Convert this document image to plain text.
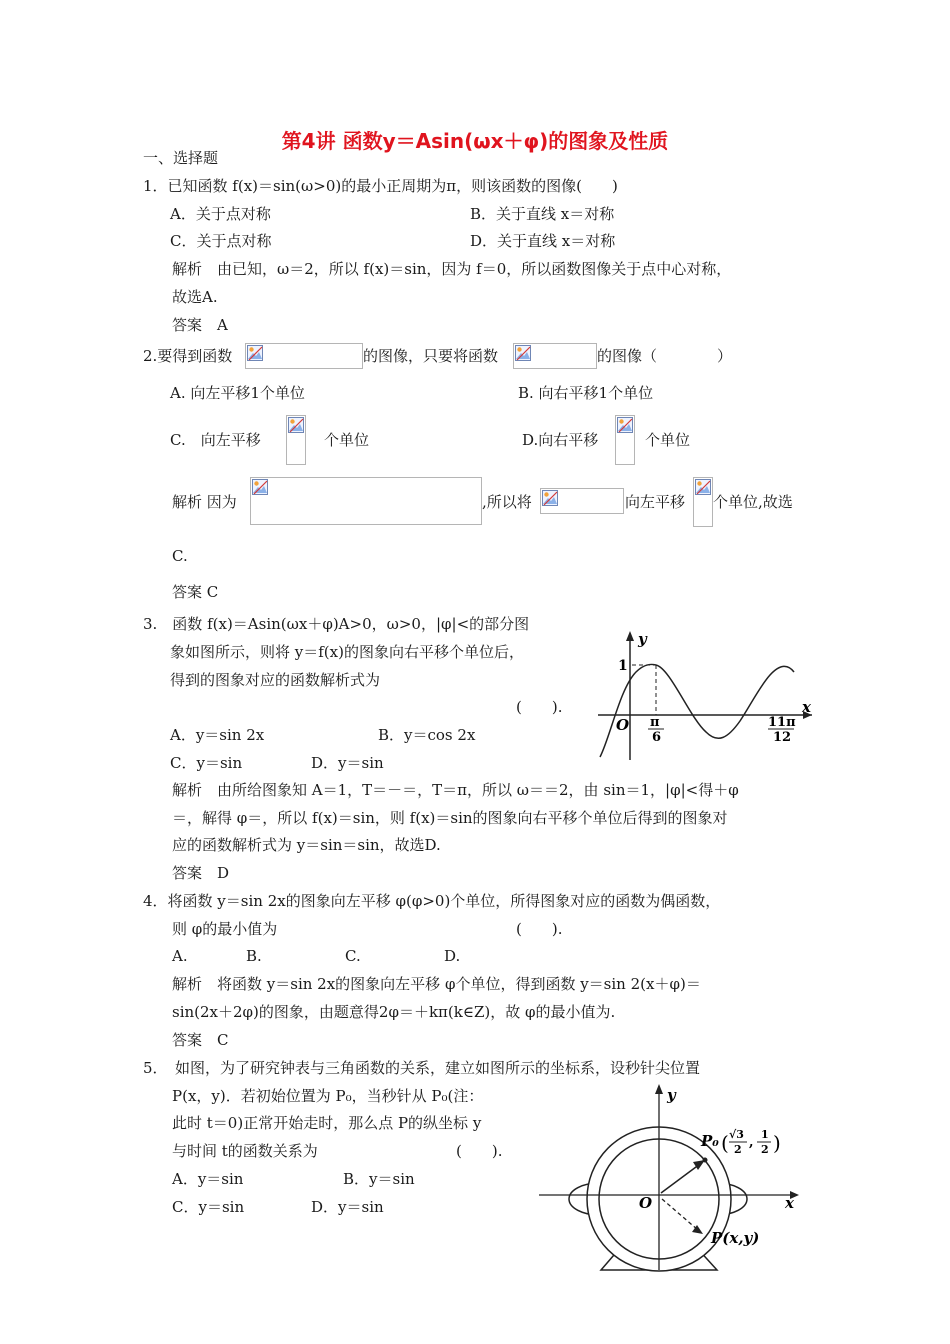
第4讲 函数y＝Asin(ωx＋φ)的图象及性质
一、选择题
1．已知函数 f(x)＝sin(ω>0)的最小正周期为π，则该函数的图像(　　)
A．关于点对称	B．关于直线 x＝对称
C．关于点对称	D．关于直线 x＝对称
解析　由已知，ω＝2，所以 f(x)＝sin，因为 f＝0，所以函数图像关于点中心对称，
故选A.
答案　A
2.要得到函数	的图像，只要将函数	的图像（　　　　）
A. 向左平移1个单位	B. 向右平移1个单位
C.　向左平移	个单位	D.向右平移	个单位
解析 因为	,所以将	向左平移 个单位,故选
C.
答案 C
3.　函数 f(x)＝Asin(ωx＋φ)A>0，ω>0，|φ|<的部分图
象如图所示，则将 y＝f(x)的图象向右平移个单位后，
得到的图象对应的函数解析式为
(　　).
A．y＝sin 2x	B．y＝cos 2x
C．y＝sin	D．y＝sin
y
x
O
1
π
6
11π
12
解析　由所给图象知 A＝1，T＝－＝，T＝π，所以 ω＝＝2，由 sin＝1，|φ|<得＋φ
＝，解得 φ＝，所以 f(x)＝sin，则 f(x)＝sin的图象向右平移个单位后得到的图象对
应的函数解析式为 y＝sin＝sin，故选D.
答案　D
4．将函数 y＝sin 2x的图象向左平移 φ(φ>0)个单位，所得图象对应的函数为偶函数，
则 φ的最小值为	(　　).
A.	B.	C.	D.
解析　将函数 y＝sin 2x的图象向左平移 φ个单位，得到函数 y＝sin 2(x＋φ)＝
sin(2x＋2φ)的图象，由题意得2φ＝＋kπ(k∈Z)，故 φ的最小值为.
答案　C
5．　如图，为了研究钟表与三角函数的关系，建立如图所示的坐标系，设秒针尖位置
P(x，y)．若初始位置为 P₀，当秒针从 P₀(注：
此时 t＝0)正常开始走时，那么点 P的纵坐标 y
与时间 t的函数关系为	(　　).
A．y＝sin	B．y＝sin
C．y＝sin	D．y＝sin
y
x
O
P₀ ( √3
2 ,
1
2 )
P(x,y)
